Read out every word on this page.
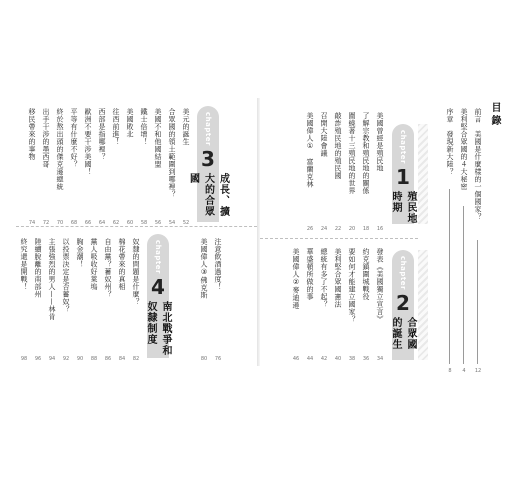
chapter
3
成長、擴大的合眾國
美元的誕生
52
合眾國的領土範圍到哪裡？
54
美國不和他國結盟
56
鐵士倍增！
58
美國敗北
60
往西前進！
62
西部是指哪裡？
64
歐洲不要干涉美國！
66
平等有什麼不好？
68
終於熬出頭的傑克遜總統
70
出手干涉的墨西哥
72
移民帶來的事物
74
chapter
4
南北戰爭和奴隸制度
奴隸的問題是什麼？
82
棉花帶來的真相
84
自由黨？蓄奴州？
86
黨人吸收好萊塢
88
胸金潮！
90
以投票決定是否蓄奴？
92
主張強烈的男人——林肯
94
陸續脫離的南部州
96
終究還是開戰！
98
注意飲酒過度！
76
美國偉人③佛克斯
80
目錄
前言　美國是什麼樣的一個國家？
12
美利堅合眾國的４大秘密
4
序章　發現新大陸？
8
chapter
1
殖民地時期
美國曾經是殖民地
16
了解宗教和殖民地的關係
18
圍繞著十三殖民地的世界
20
敲詐殖民地的殖民國
22
召開大陸會議
24
美國偉人①　富蘭克林
26
chapter
2
合眾國的誕生
發表《美國獨立宣言》
34
約克鎮圍城戰役
36
要如何才能建立國家？
38
美利堅合眾國憲法
40
總統有多了不起？
42
華盛頓所做的事
44
美國偉人②麥迪遜
46
